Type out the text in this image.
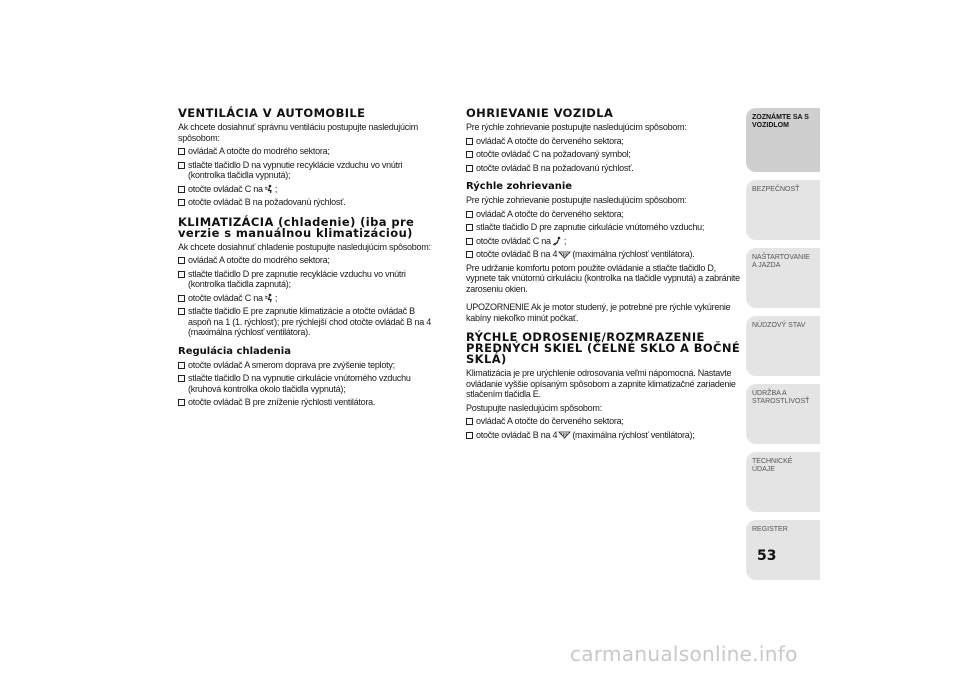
VENTILÁCIA V AUTOMOBILE

Ak chcete dosiahnuť správnu ventiláciu postupujte nasledujúcim spôsobom:

ovládač A otočte do modrého sektora;
stlačte tlačidlo D na vypnutie recyklácie vzduchu vo vnútri (kontrolka tlačidla vypnutá);
otočte ovládač C na ;
otočte ovládač B na požadovanú rýchlosť.
KLIMATIZÁCIA (chladenie) (iba pre verzie s manuálnou klimatizáciou)

Ak chcete dosiahnuť chladenie postupujte nasledujúcim spôsobom:

ovládač A otočte do modrého sektora;
stlačte tlačidlo D pre zapnutie recyklácie vzduchu vo vnútri (kontrolka tlačidla zapnutá);
otočte ovládač C na ;
stlačte tlačidlo E pre zapnutie klimatizácie a otočte ovládač B aspoň na 1 (1. rýchlosť); pre rýchlejší chod otočte ovládač B na 4 (maximálna rýchlosť ventilátora).
Regulácia chladenia
otočte ovládač A smerom doprava pre zvýšenie teploty;
stlačte tlačidlo D na vypnutie cirkulácie vnútorného vzduchu (kruhová kontrolka okolo tlačidla vypnutá);
otočte ovládač B pre zníženie rýchlosti ventilátora.
OHRIEVANIE VOZIDLA

Pre rýchle zohrievanie postupujte nasledujúcim spôsobom:

ovládač A otočte do červeného sektora;
otočte ovládač C na požadovaný symbol;
otočte ovládač B na požadovanú rýchlosť.
Rýchle zohrievanie

Pre rýchle zohrievanie postupujte nasledujúcim spôsobom:

ovládač A otočte do červeného sektora;
stlačte tlačidlo D pre zapnutie cirkulácie vnútorného vzduchu;
otočte ovládač C na ;
otočte ovládač B na 4 (maximálna rýchlosť ventilátora).

Pre udržanie komfortu potom použite ovládanie a stlačte tlačidlo D, vypnete tak vnútornú cirkuláciu (kontrolka na tlačidle vypnutá) a zabránite zaroseniu okien.

UPOZORNENIE Ak je motor studený, je potrebné pre rýchle vykúrenie kabíny niekoľko minút počkať.

RÝCHLE ODROSENIE/ROZMRAZENIE PREDNÝCH SKIEL (ČELNÉ SKLO A BOČNÉ SKLÁ)

Klimatizácia je pre urýchlenie odrosovania veľmi nápomocná. Nastavte ovládanie vyššie opísaným spôsobom a zapnite klimatizačné zariadenie stlačením tlačidla E.

Postupujte nasledujúcim spôsobom:

ovládač A otočte do červeného sektora;
otočte ovládač B na 4 (maximálna rýchlosť ventilátora);
ZOZNÁMTE SA S VOZIDLOM
BEZPEČNOSŤ
NAŠTARTOVANIE A JAZDA
NÚDZOVÝ STAV
ÚDRŽBA A STAROSTLIVOSŤ
TECHNICKÉ ÚDAJE
REGISTER
53
carmanualsonline.info
